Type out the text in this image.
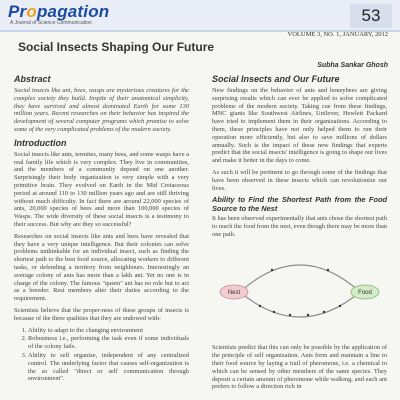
Propagation
A Journal of Science Communication	53
VOLUME 3, NO. 1, JANUARY, 2012
Social Insects Shaping Our Future
Subha Sankar Ghosh
Abstract

Social insects like ant, bees, wasps are mysterious creatures for the complex society they build. Inspite of their anatomical simplicity, they have survived and almost dominated Earth for some 130 million years. Recent researches on their behavior has inspired the development of several computer programs which promise to solve some of the very complicated problems of the modern society.

Introduction

Social insects like ants, termites, many bees, and some wasps have a real family life which is very complex. They live in communities, and the members of a community depend on one another. Surprisingly their body organization is very simple with a very primitive brain. They evolved on Earth in the Mid Cretaceous period at around 110 to 130 million years ago and are still thriving without much difficulty. In fact there are around 22,000 species of ants, 20,000 species of bees and more than 100,000 species of Wasps. The wide diversity of these social insects is a testimony to their success. But why are they so successful?

Researches on social insects like ants and bees have revealed that they have a very unique intelligence. But their colonies can solve problems unthinkable for an individual insect, such as finding the shortest path to the best food source, allocating workers to different tasks, or defending a territory from neighbours. Interestingly an average colony of ants has more than a lakh ant. Yet no one is in charge of the colony. The famous "queen" ant has no role but to act as a breeder. Rest members alter their duties according to the requirement.

Scientists believe that the proper-ness of these groups of insects is because of the three qualities that they are endowed with-

1. Ability to adapt to the changing environment
2. Robustness i.e., performing the task even if some individuals of the colony fails.
3. Ability to self organize, independent of any centralized control. The underlying factor that causes self-organization is the so called "direct or self communication through environment".
Social Insects and Our Future

New findings on the behavior of ants and honeybees are giving surprising results which can ever be applied to solve complicated problems of the modern society. Taking cue from these findings, MNC giants like Southwest Airlines, Unilever, Hewlett Packard have tried to implement them in their organizations. According to them, these principles have not only helped them to run their operation more efficiently, but also to save millions of dollars annually. Such is the impact of these new findings that experts predict that the social insects' intelligence is going to shape our lives and make it better in the days to come.

As such it will be pertinent to go through some of the findings that have been observed in these insects which can revolutionize our lives.

Ability to Find the Shortest Path from the Food Source to the Nest

It has been observed experimentally that ants chose the shortest path to reach the food from the nest, even though there may be more than one path.

Nest	Food

Scientists predict that this can only be possible by the application of the principle of self organization. Ants form and maintain a line to their food source by laying a trail of pheromone, i.e. a chemical to which can be sensed by other members of the same species. They deposit a certain amount of pheromone while walking, and each ant prefers to follow a direction rich in
